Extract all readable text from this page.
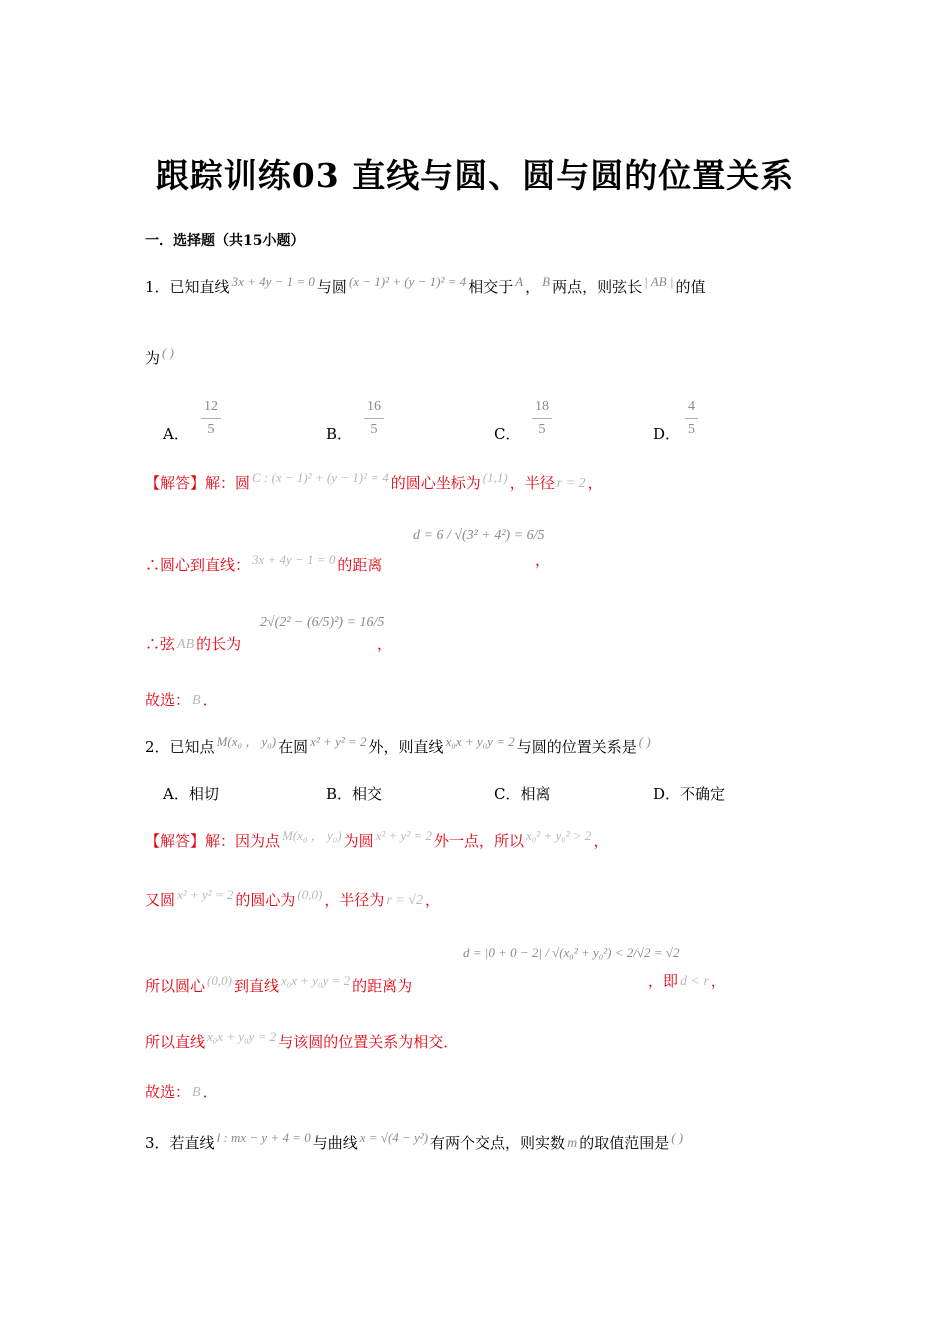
跟踪训练03 直线与圆、圆与圆的位置关系
一．选择题（共15小题）
1．已知直线 3x + 4y − 1 = 0 与圆 (x − 1)² + (y − 1)² = 4 相交于 A ， B 两点，则弦长 | AB | 的值
为 ( )
A． $\frac{12}{5}$	B． $\frac{16}{5}$	C． $\frac{18}{5}$	D． $\frac{4}{5}$
【解答】解：圆 C : (x − 1)² + (y − 1)² = 4 的圆心坐标为 (1,1) ，半径 r = 2 ，
∴圆心到直线： 3x + 4y − 1 = 0 的距离
d = 6 / √(3² + 4²) = 6/5
，
∴弦 AB 的长为
2√(2² − (6/5)²) = 16/5
，
故选： B ．
2．已知点 M(x₀ ， y₀) 在圆 x² + y² = 2 外，则直线 x₀x + y₀y = 2 与圆的位置关系是 ( )
A．相切	B．相交	C．相离	D．不确定
【解答】解：因为点 M(x₀ ， y₀) 为圆 x² + y² = 2 外一点，所以 x₀² + y₀² > 2 ，
又圆 x² + y² = 2 的圆心为 (0,0) ，半径为 r = √2 ，
所以圆心 (0,0) 到直线 x₀x + y₀y = 2 的距离为
d = |0 + 0 − 2| / √(x₀² + y₀²) < 2/√2 = √2
，即 d < r ，
所以直线 x₀x + y₀y = 2 与该圆的位置关系为相交．
故选： B ．
3．若直线 l : mx − y + 4 = 0 与曲线 x = √(4 − y²) 有两个交点，则实数 m 的取值范围是 ( )
